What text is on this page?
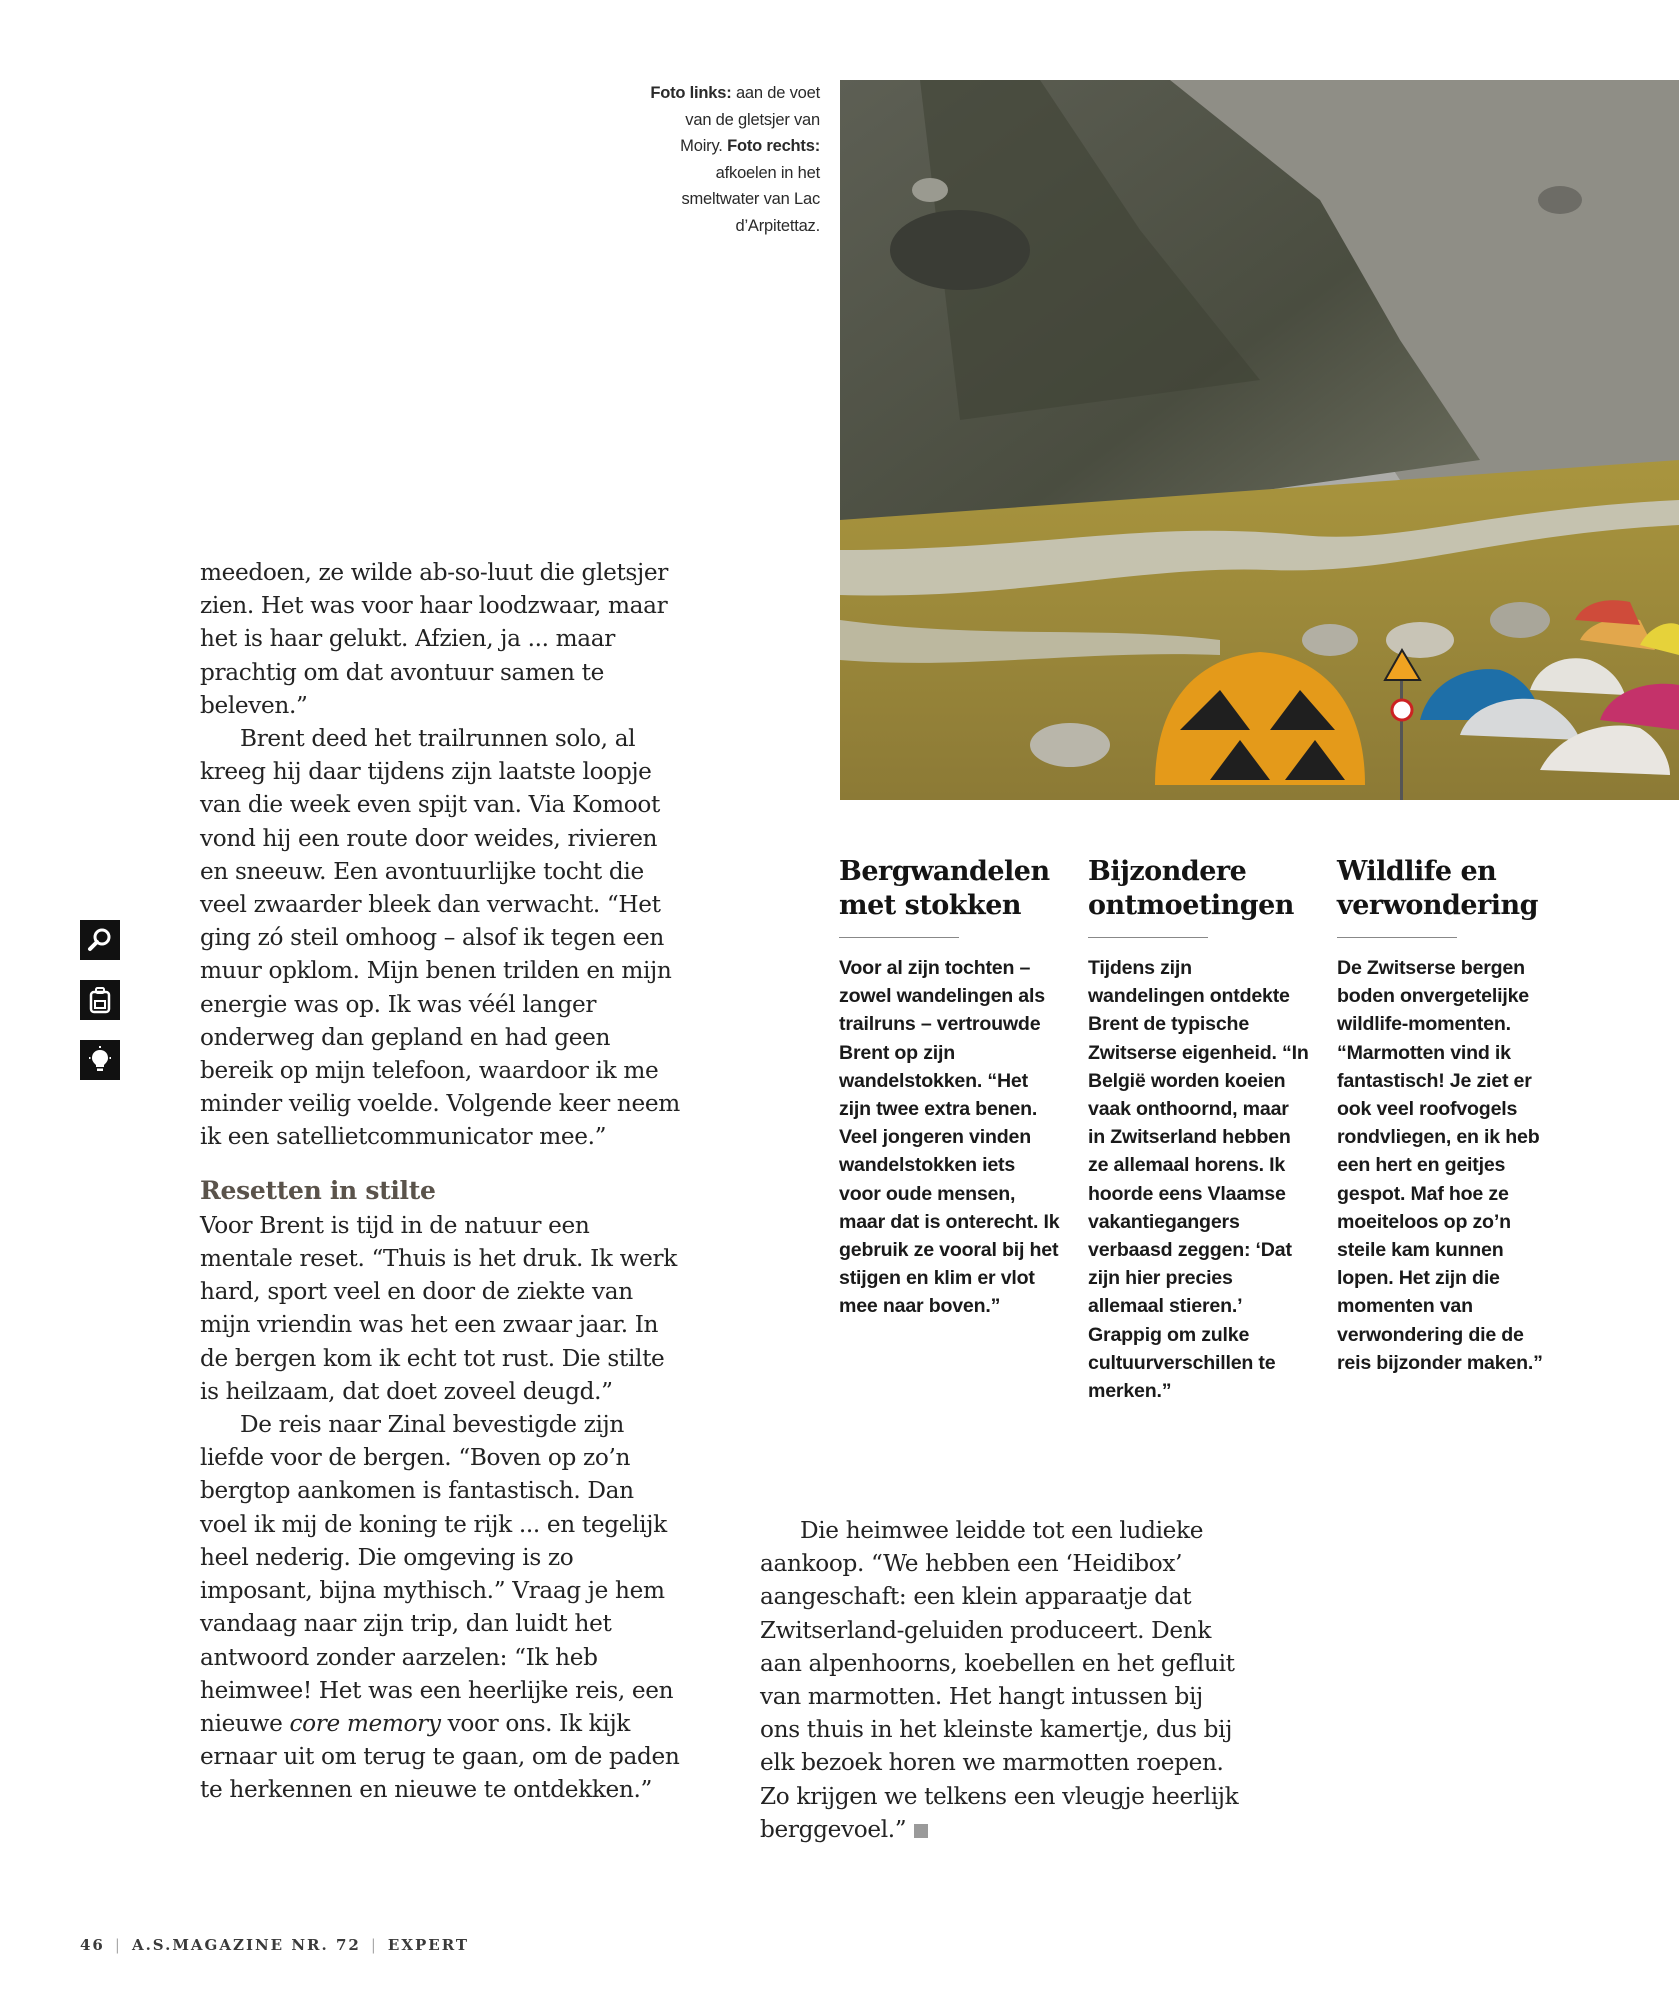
Foto links: aan de voet van de gletsjer van Moiry. Foto rechts: afkoelen in het smeltwater van Lac d’Arpitettaz.

meedoen, ze wilde ab-so-luut die gletsjer zien. Het was voor haar loodzwaar, maar het is haar gelukt. Afzien, ja ... maar prachtig om dat avontuur samen te beleven.”

Brent deed het trailrunnen solo, al kreeg hij daar tijdens zijn laatste loopje van die week even spijt van. Via Komoot vond hij een route door weides, rivieren en sneeuw. Een avontuurlijke tocht die veel zwaarder bleek dan verwacht. “Het ging zó steil omhoog – alsof ik tegen een muur opklom. Mijn benen trilden en mijn energie was op. Ik was véél langer onderweg dan gepland en had geen bereik op mijn telefoon, waardoor ik me minder veilig voelde. Volgende keer neem ik een satellietcommunicator mee.”

Resetten in stilte

Voor Brent is tijd in de natuur een mentale reset. “Thuis is het druk. Ik werk hard, sport veel en door de ziekte van mijn vriendin was het een zwaar jaar. In de bergen kom ik echt tot rust. Die stilte is heilzaam, dat doet zoveel deugd.”

De reis naar Zinal bevestigde zijn liefde voor de bergen. “Boven op zo’n bergtop aankomen is fantastisch. Dan voel ik mij de koning te rijk ... en tegelijk heel nederig. Die omgeving is zo imposant, bijna mythisch.” Vraag je hem vandaag naar zijn trip, dan luidt het antwoord zonder aarzelen: “Ik heb heimwee! Het was een heerlijke reis, een nieuwe core memory voor ons. Ik kijk ernaar uit om terug te gaan, om de paden te herkennen en nieuwe te ontdekken.”

Bergwandelen met stokken

Voor al zijn tochten – zowel wandelingen als trailruns – vertrouwde Brent op zijn wandelstokken. “Het zijn twee extra benen. Veel jongeren vinden wandelstokken iets voor oude mensen, maar dat is onterecht. Ik gebruik ze vooral bij het stijgen en klim er vlot mee naar boven.”

Bijzondere ontmoetingen

Tijdens zijn wandelingen ontdekte Brent de typische Zwitserse eigenheid. “In België worden koeien vaak onthoornd, maar in Zwitserland hebben ze allemaal horens. Ik hoorde eens Vlaamse vakantiegangers verbaasd zeggen: ‘Dat zijn hier precies allemaal stieren.’ Grappig om zulke cultuurverschillen te merken.”

Wildlife en verwondering

De Zwitserse bergen boden onvergetelijke wildlife-momenten. “Marmotten vind ik fantastisch! Je ziet er ook veel roofvogels rondvliegen, en ik heb een hert en geitjes gespot. Maf hoe ze moeiteloos op zo’n steile kam kunnen lopen. Het zijn die momenten van verwondering die de reis bijzonder maken.”

Die heimwee leidde tot een ludieke aankoop. “We hebben een ‘Heidibox’ aangeschaft: een klein apparaatje dat Zwitserland-geluiden produceert. Denk aan alpenhoorns, koebellen en het gefluit van marmotten. Het hangt intussen bij ons thuis in het kleinste kamertje, dus bij elk bezoek horen we marmotten roepen. Zo krijgen we telkens een vleugje heerlijk berggevoel.”

46 | A.S.MAGAZINE NR. 72 | EXPERT
